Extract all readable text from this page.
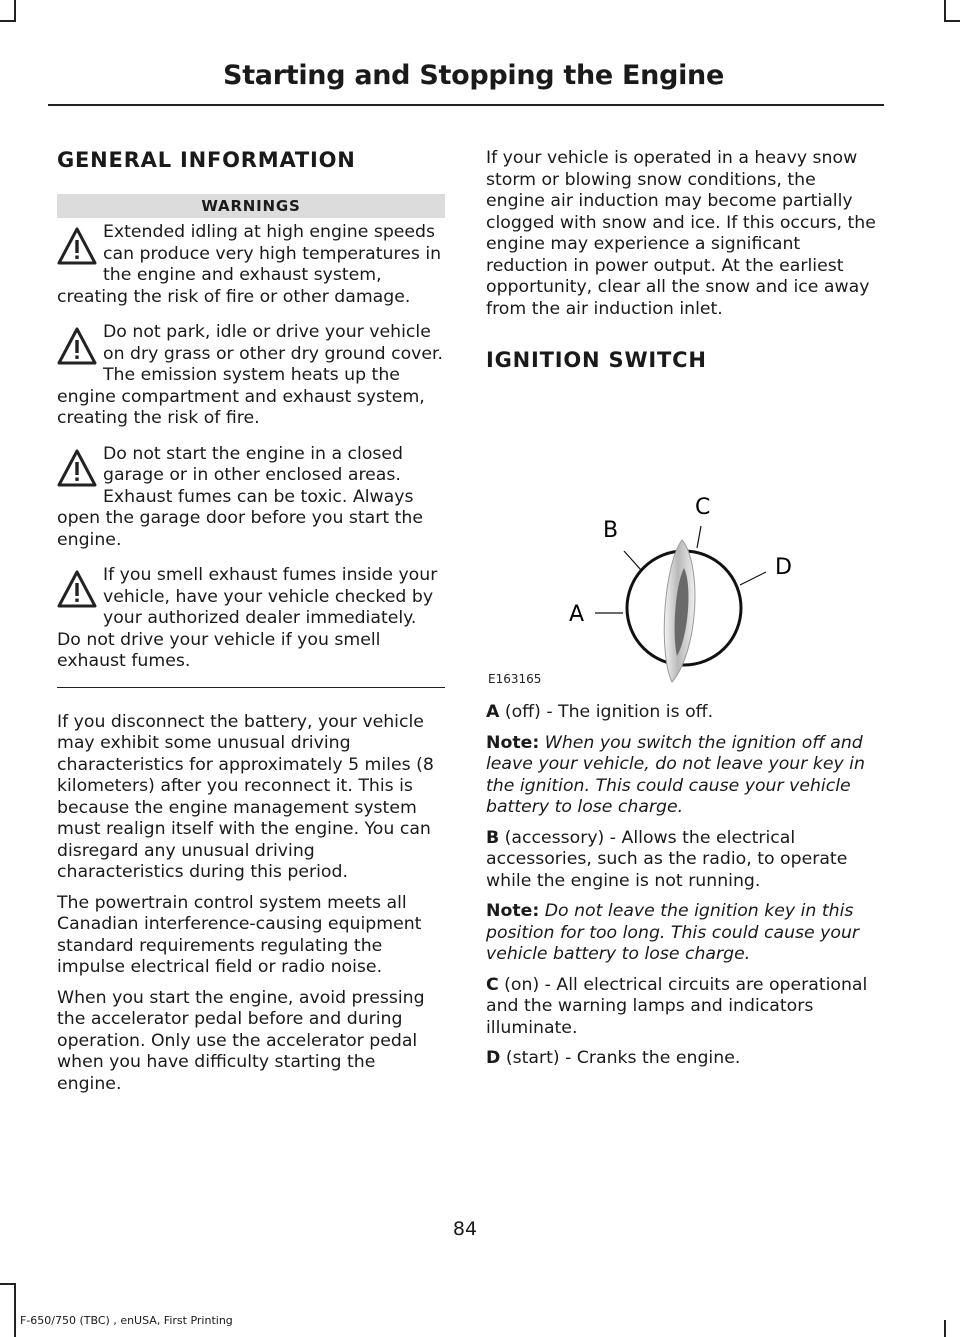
Starting and Stopping the Engine
GENERAL INFORMATION
WARNINGS
Extended idling at high engine speeds can produce very high temperatures in the engine and exhaust system, creating the risk of fire or other damage.
Do not park, idle or drive your vehicle on dry grass or other dry ground cover. The emission system heats up the engine compartment and exhaust system, creating the risk of fire.
Do not start the engine in a closed garage or in other enclosed areas. Exhaust fumes can be toxic. Always open the garage door before you start the engine.
If you smell exhaust fumes inside your vehicle, have your vehicle checked by your authorized dealer immediately. Do not drive your vehicle if you smell exhaust fumes.

If you disconnect the battery, your vehicle may exhibit some unusual driving characteristics for approximately 5 miles (8 kilometers) after you reconnect it. This is because the engine management system must realign itself with the engine. You can disregard any unusual driving characteristics during this period.

The powertrain control system meets all Canadian interference-causing equipment standard requirements regulating the impulse electrical field or radio noise.

When you start the engine, avoid pressing the accelerator pedal before and during operation. Only use the accelerator pedal when you have difficulty starting the engine.

If your vehicle is operated in a heavy snow storm or blowing snow conditions, the engine air induction may become partially clogged with snow and ice. If this occurs, the engine may experience a significant reduction in power output. At the earliest opportunity, clear all the snow and ice away from the air induction inlet.

IGNITION SWITCH
A
B
C
D
E163165
A (off) - The ignition is off.
Note: When you switch the ignition off and leave your vehicle, do not leave your key in the ignition. This could cause your vehicle battery to lose charge.
B (accessory) - Allows the electrical accessories, such as the radio, to operate while the engine is not running.
Note: Do not leave the ignition key in this position for too long. This could cause your vehicle battery to lose charge.
C (on) - All electrical circuits are operational and the warning lamps and indicators illuminate.
D (start) - Cranks the engine.
84
F-650/750 (TBC) , enUSA, First Printing
